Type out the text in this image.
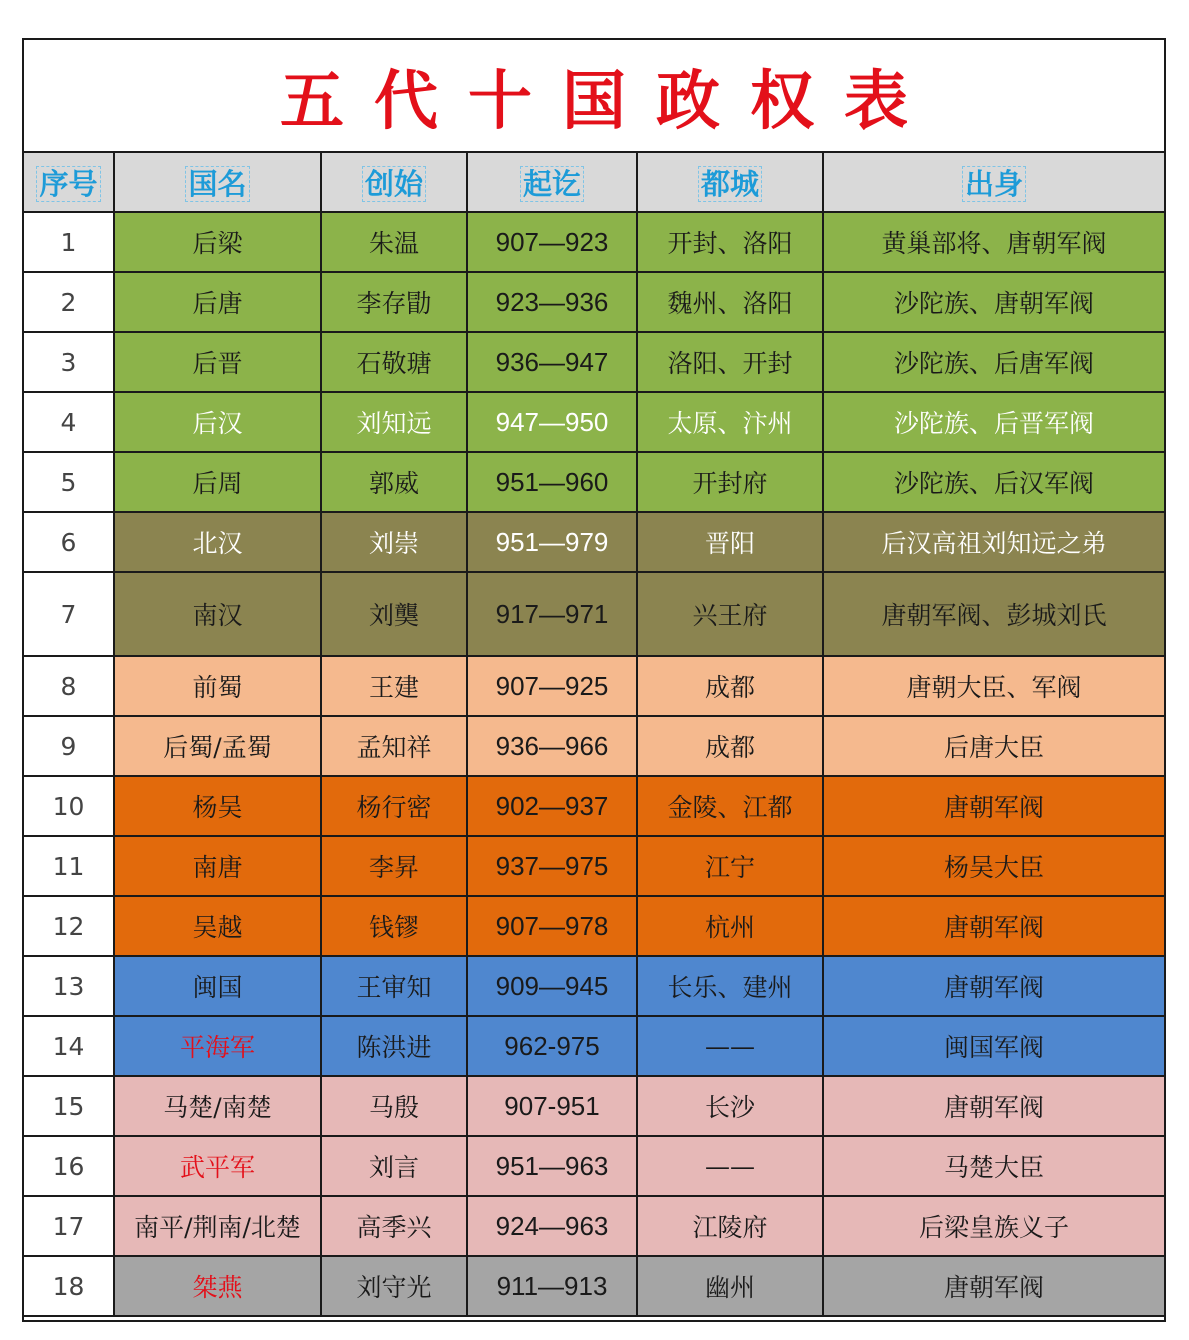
五代十国政权表
序号	国名	创始	起讫	都城	出身
1	后梁	朱温	907—923	开封、洛阳	黄巢部将、唐朝军阀
2	后唐	李存勖	923—936	魏州、洛阳	沙陀族、唐朝军阀
3	后晋	石敬瑭	936—947	洛阳、开封	沙陀族、后唐军阀
4	后汉	刘知远	947—950	太原、汴州	沙陀族、后晋军阀
5	后周	郭威	951—960	开封府	沙陀族、后汉军阀
6	北汉	刘崇	951—979	晋阳	后汉高祖刘知远之弟
7	南汉	刘龑	917—971	兴王府	唐朝军阀、彭城刘氏
8	前蜀	王建	907—925	成都	唐朝大臣、军阀
9	后蜀/孟蜀	孟知祥	936—966	成都	后唐大臣
10	杨吴	杨行密	902—937	金陵、江都	唐朝军阀
11	南唐	李昇	937—975	江宁	杨吴大臣
12	吴越	钱镠	907—978	杭州	唐朝军阀
13	闽国	王审知	909—945	长乐、建州	唐朝军阀
14	平海军	陈洪进	962-975	——	闽国军阀
15	马楚/南楚	马殷	907-951	长沙	唐朝军阀
16	武平军	刘言	951—963	——	马楚大臣
17	南平/荆南/北楚	高季兴	924—963	江陵府	后梁皇族义子
18	桀燕	刘守光	911—913	幽州	唐朝军阀
